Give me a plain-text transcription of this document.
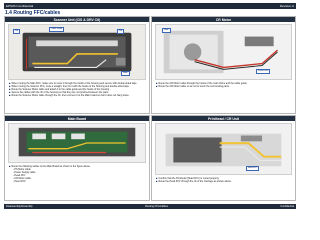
EPSON Confidential	Revision A
1.4 Routing FFC/cables
Scanner Unit (CIS & DRV Ctl)
Rib
Cable Guide
Rib
Hook
■When routing the Main FFC, make sure to route it through the hooks of the housing and secure with double-sided tape.
■When routing the Scanner FFC, route it straight, then fix it with the hooks of the Housing and double-sided tape.
■Route the Scanner Motor cable and attach it to the cable guide and the hooks of the housing.
■Secure the cables with the rib of the housing so that they are not pinched between the parts.
■Route the Scanner Motor cable through the rib, then connect it to the Main board so that it does not hang loose.
CR Motor
Hook
Ferrite core
■Route the CR Motor cable through the hooks of the main frame and the cable guide.
■Route the CR Motor cable so as not to touch the surrounding parts.
Main Board
■Route the following cables to the Main Board as shown in the figure above.
–PS Motor cable
–Power Supply cable
–Head FFC
–CR Motor cable
–Panel FFC
Printhead / CR Unit
Head FFC
■Confirm that the Printhead (Head FFC) is routed properly.
■Route the Head FFC through the rib of the Carriage as shown above.
Disassembly/Assembly	Routing FFC/cables	Confidential
